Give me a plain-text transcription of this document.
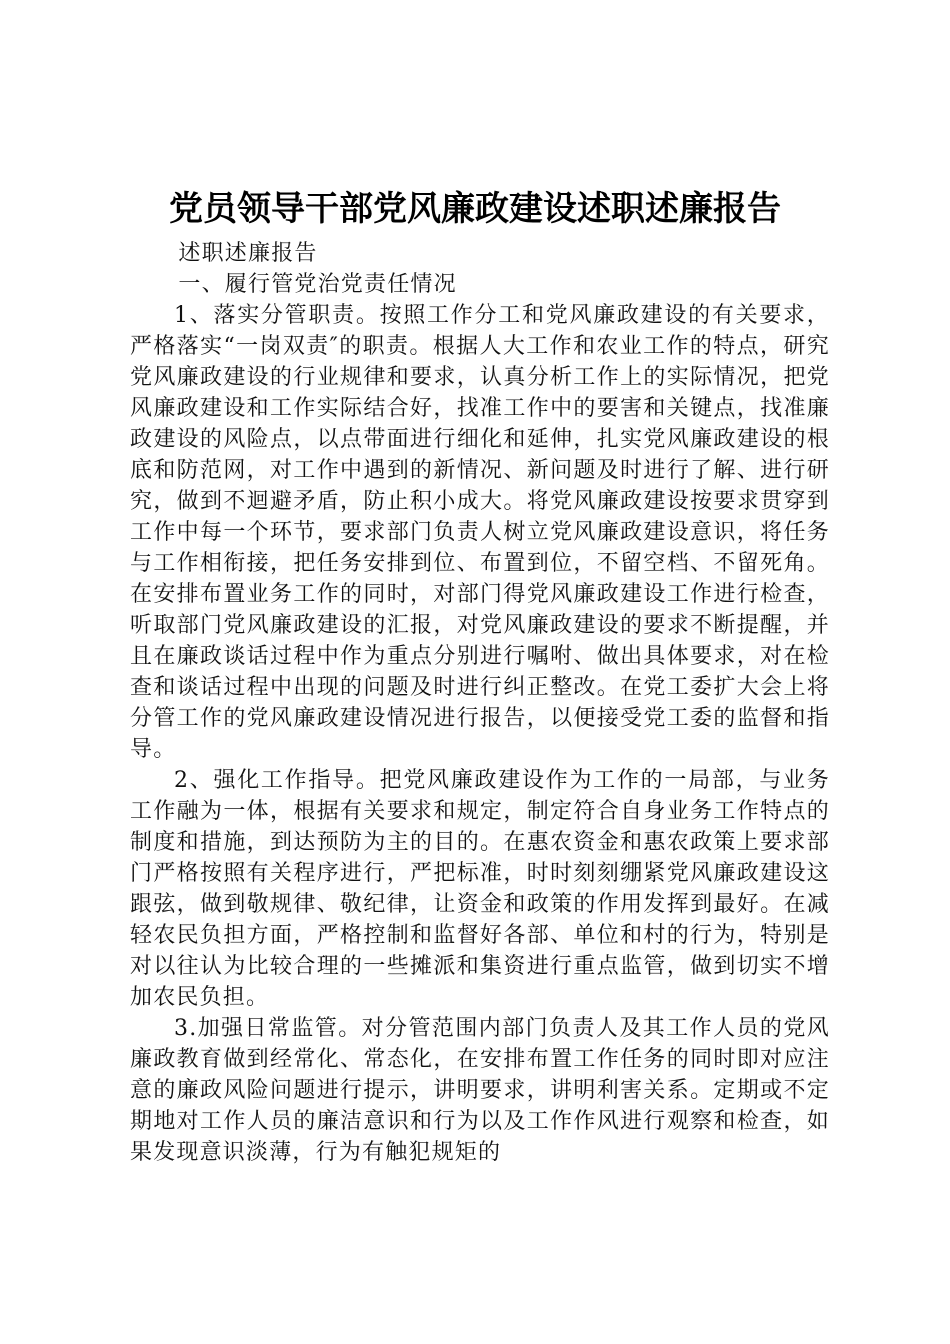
党员领导干部党风廉政建设述职述廉报告

述职述廉报告

一、履行管党治党责任情况

1、落实分管职责。按照工作分工和党风廉政建设的有关要求，严格落实“一岗双责″的职责。根据人大工作和农业工作的特点，研究党风廉政建设的行业规律和要求，认真分析工作上的实际情况，把党风廉政建设和工作实际结合好，找准工作中的要害和关键点，找准廉政建设的风险点，以点带面进行细化和延伸，扎实党风廉政建设的根底和防范网，对工作中遇到的新情况、新问题及时进行了解、进行研究，做到不迴避矛盾，防止积小成大。将党风廉政建设按要求贯穿到工作中每一个环节，要求部门负责人树立党风廉政建设意识，将任务与工作相衔接，把任务安排到位、布置到位，不留空档、不留死角。在安排布置业务工作的同时，对部门得党风廉政建设工作进行检查，听取部门党风廉政建设的汇报，对党风廉政建设的要求不断提醒，并且在廉政谈话过程中作为重点分别进行嘱咐、做出具体要求，对在检查和谈话过程中出现的问题及时进行纠正整改。在党工委扩大会上将分管工作的党风廉政建设情况进行报告，以便接受党工委的监督和指导。

2、强化工作指导。把党风廉政建设作为工作的一局部，与业务工作融为一体，根据有关要求和规定，制定符合自身业务工作特点的制度和措施，到达预防为主的目的。在惠农资金和惠农政策上要求部门严格按照有关程序进行，严把标准，时时刻刻绷紧党风廉政建设这跟弦，做到敬规律、敬纪律，让资金和政策的作用发挥到最好。在减轻农民负担方面，严格控制和监督好各部、单位和村的行为，特别是对以往认为比较合理的一些摊派和集资进行重点监管，做到切实不增加农民负担。

3.加强日常监管。对分管范围内部门负责人及其工作人员的党风廉政教育做到经常化、常态化，在安排布置工作任务的同时即对应注意的廉政风险问题进行提示，讲明要求，讲明利害关系。定期或不定期地对工作人员的廉洁意识和行为以及工作作风进行观察和检查，如果发现意识淡薄，行为有触犯规矩的
